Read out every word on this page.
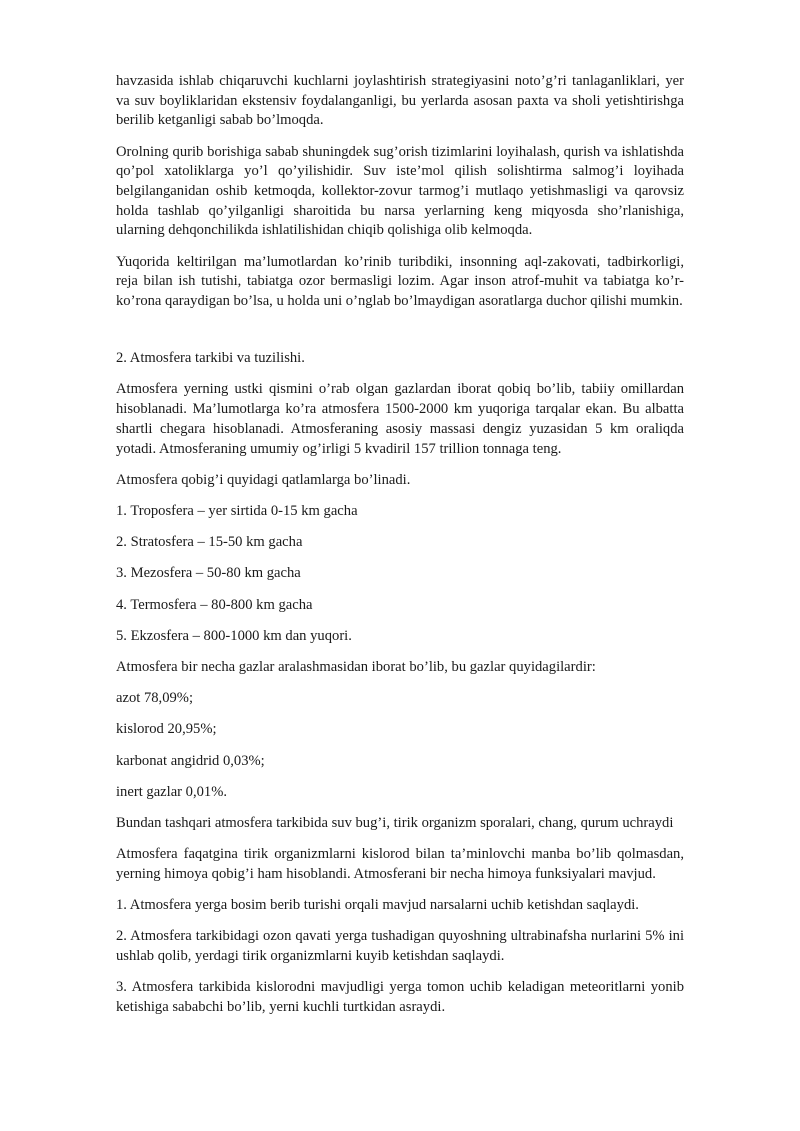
havzasida ishlab chiqaruvchi kuchlarni joylashtirish strategiyasini noto’g’ri tanlaganliklari, yer va suv boyliklaridan ekstensiv foydalanganligi, bu yerlarda asosan paxta va sholi yetishtirishga berilib ketganligi sabab bo’lmoqda.

Orolning qurib borishiga sabab shuningdek sug’orish tizimlarini loyihalash, qurish va ishlatishda qo’pol xatoliklarga yo’l qo’yilishidir. Suv iste’mol qilish solishtirma salmog’i loyihada belgilanganidan oshib ketmoqda, kollektor-zovur tarmog’i mutlaqo yetishmasligi va qarovsiz holda tashlab qo’yilganligi sharoitida bu narsa yerlarning keng miqyosda sho’rlanishiga, ularning dehqonchilikda ishlatilishidan chiqib qolishiga olib kelmoqda.

Yuqorida keltirilgan ma’lumotlardan ko’rinib turibdiki, insonning aql-zakovati, tadbirkorligi, reja bilan ish tutishi, tabiatga ozor bermasligi lozim. Agar inson atrof-muhit va tabiatga ko’r-ko’rona qaraydigan bo’lsa, u holda uni o’nglab bo’lmaydigan asoratlarga duchor qilishi mumkin.

2. Atmosfera tarkibi va tuzilishi.

Atmosfera yerning ustki qismini o’rab olgan gazlardan iborat qobiq bo’lib, tabiiy omillardan hisoblanadi. Ma’lumotlarga ko’ra atmosfera 1500-2000 km yuqoriga tarqalar ekan. Bu albatta shartli chegara hisoblanadi. Atmosferaning asosiy massasi dengiz yuzasidan 5 km oraliqda yotadi. Atmosferaning umumiy og’irligi 5 kvadiril 157 trillion tonnaga teng.

Atmosfera qobig’i quyidagi qatlamlarga bo’linadi.

1. Troposfera – yer sirtida 0-15 km gacha

2. Stratosfera – 15-50 km gacha

3. Mezosfera – 50-80 km gacha

4. Termosfera – 80-800 km gacha

5. Ekzosfera – 800-1000 km dan yuqori.

Atmosfera bir necha gazlar aralashmasidan iborat bo’lib, bu gazlar quyidagilardir:

azot 78,09%;

kislorod 20,95%;

karbonat angidrid 0,03%;

inert gazlar 0,01%.

Bundan tashqari atmosfera tarkibida suv bug’i, tirik organizm sporalari, chang, qurum uchraydi

Atmosfera faqatgina tirik organizmlarni kislorod bilan ta’minlovchi manba bo’lib qolmasdan, yerning himoya qobig’i ham hisoblandi. Atmosferani bir necha himoya funksiyalari mavjud.

1. Atmosfera yerga bosim berib turishi orqali mavjud narsalarni uchib ketishdan saqlaydi.

2. Atmosfera tarkibidagi ozon qavati yerga tushadigan quyoshning ultrabinafsha nurlarini 5% ini ushlab qolib, yerdagi tirik organizmlarni kuyib ketishdan saqlaydi.

3. Atmosfera tarkibida kislorodni mavjudligi yerga tomon uchib keladigan meteoritlarni yonib ketishiga sababchi bo’lib, yerni kuchli turtkidan asraydi.
